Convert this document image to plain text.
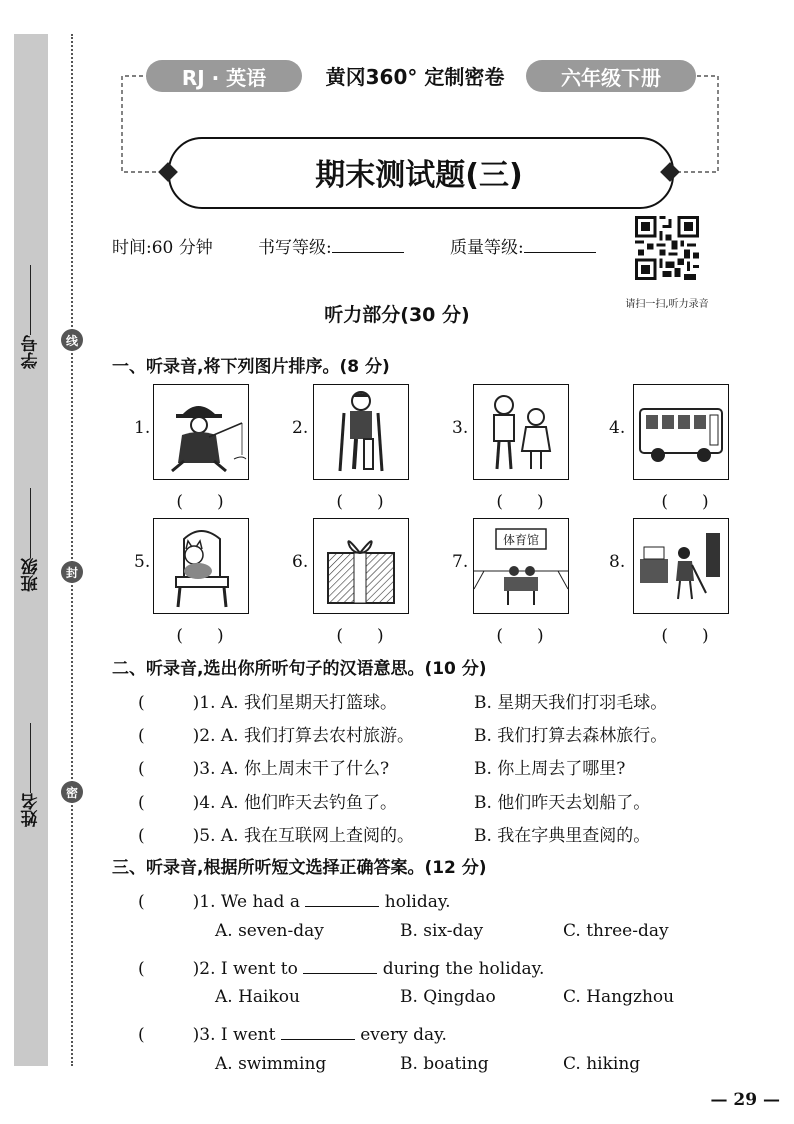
学号
班级
姓名
线
封
密
RJ · 英语	黄冈360° 定制密卷	六年级下册
期末测试题(三)
时间:60 分钟	书写等级:	质量等级:
请扫一扫,听力录音
听力部分(30 分)
一、听录音,将下列图片排序。(8 分)
1.
(　　)
2.
(　　)
3.
(　　)
4.
(　　)
5.
(　　)
6.
(　　)
7.
体育馆
(　　)
8.
(　　)
二、听录音,选出你所听句子的汉语意思。(10 分)
(　　)1. A. 我们星期天打篮球。	B. 星期天我们打羽毛球。
(　　)2. A. 我们打算去农村旅游。	B. 我们打算去森林旅行。
(　　)3. A. 你上周末干了什么?	B. 你上周去了哪里?
(　　)4. A. 他们昨天去钓鱼了。	B. 他们昨天去划船了。
(　　)5. A. 我在互联网上查阅的。	B. 我在字典里查阅的。
三、听录音,根据所听短文选择正确答案。(12 分)
(　　)1. We had a	holiday.
A. seven-day	B. six-day	C. three-day
(　　)2. I went to	during the holiday.
A. Haikou	B. Qingdao	C. Hangzhou
(　　)3. I went	every day.
A. swimming	B. boating	C. hiking
— 29 —
